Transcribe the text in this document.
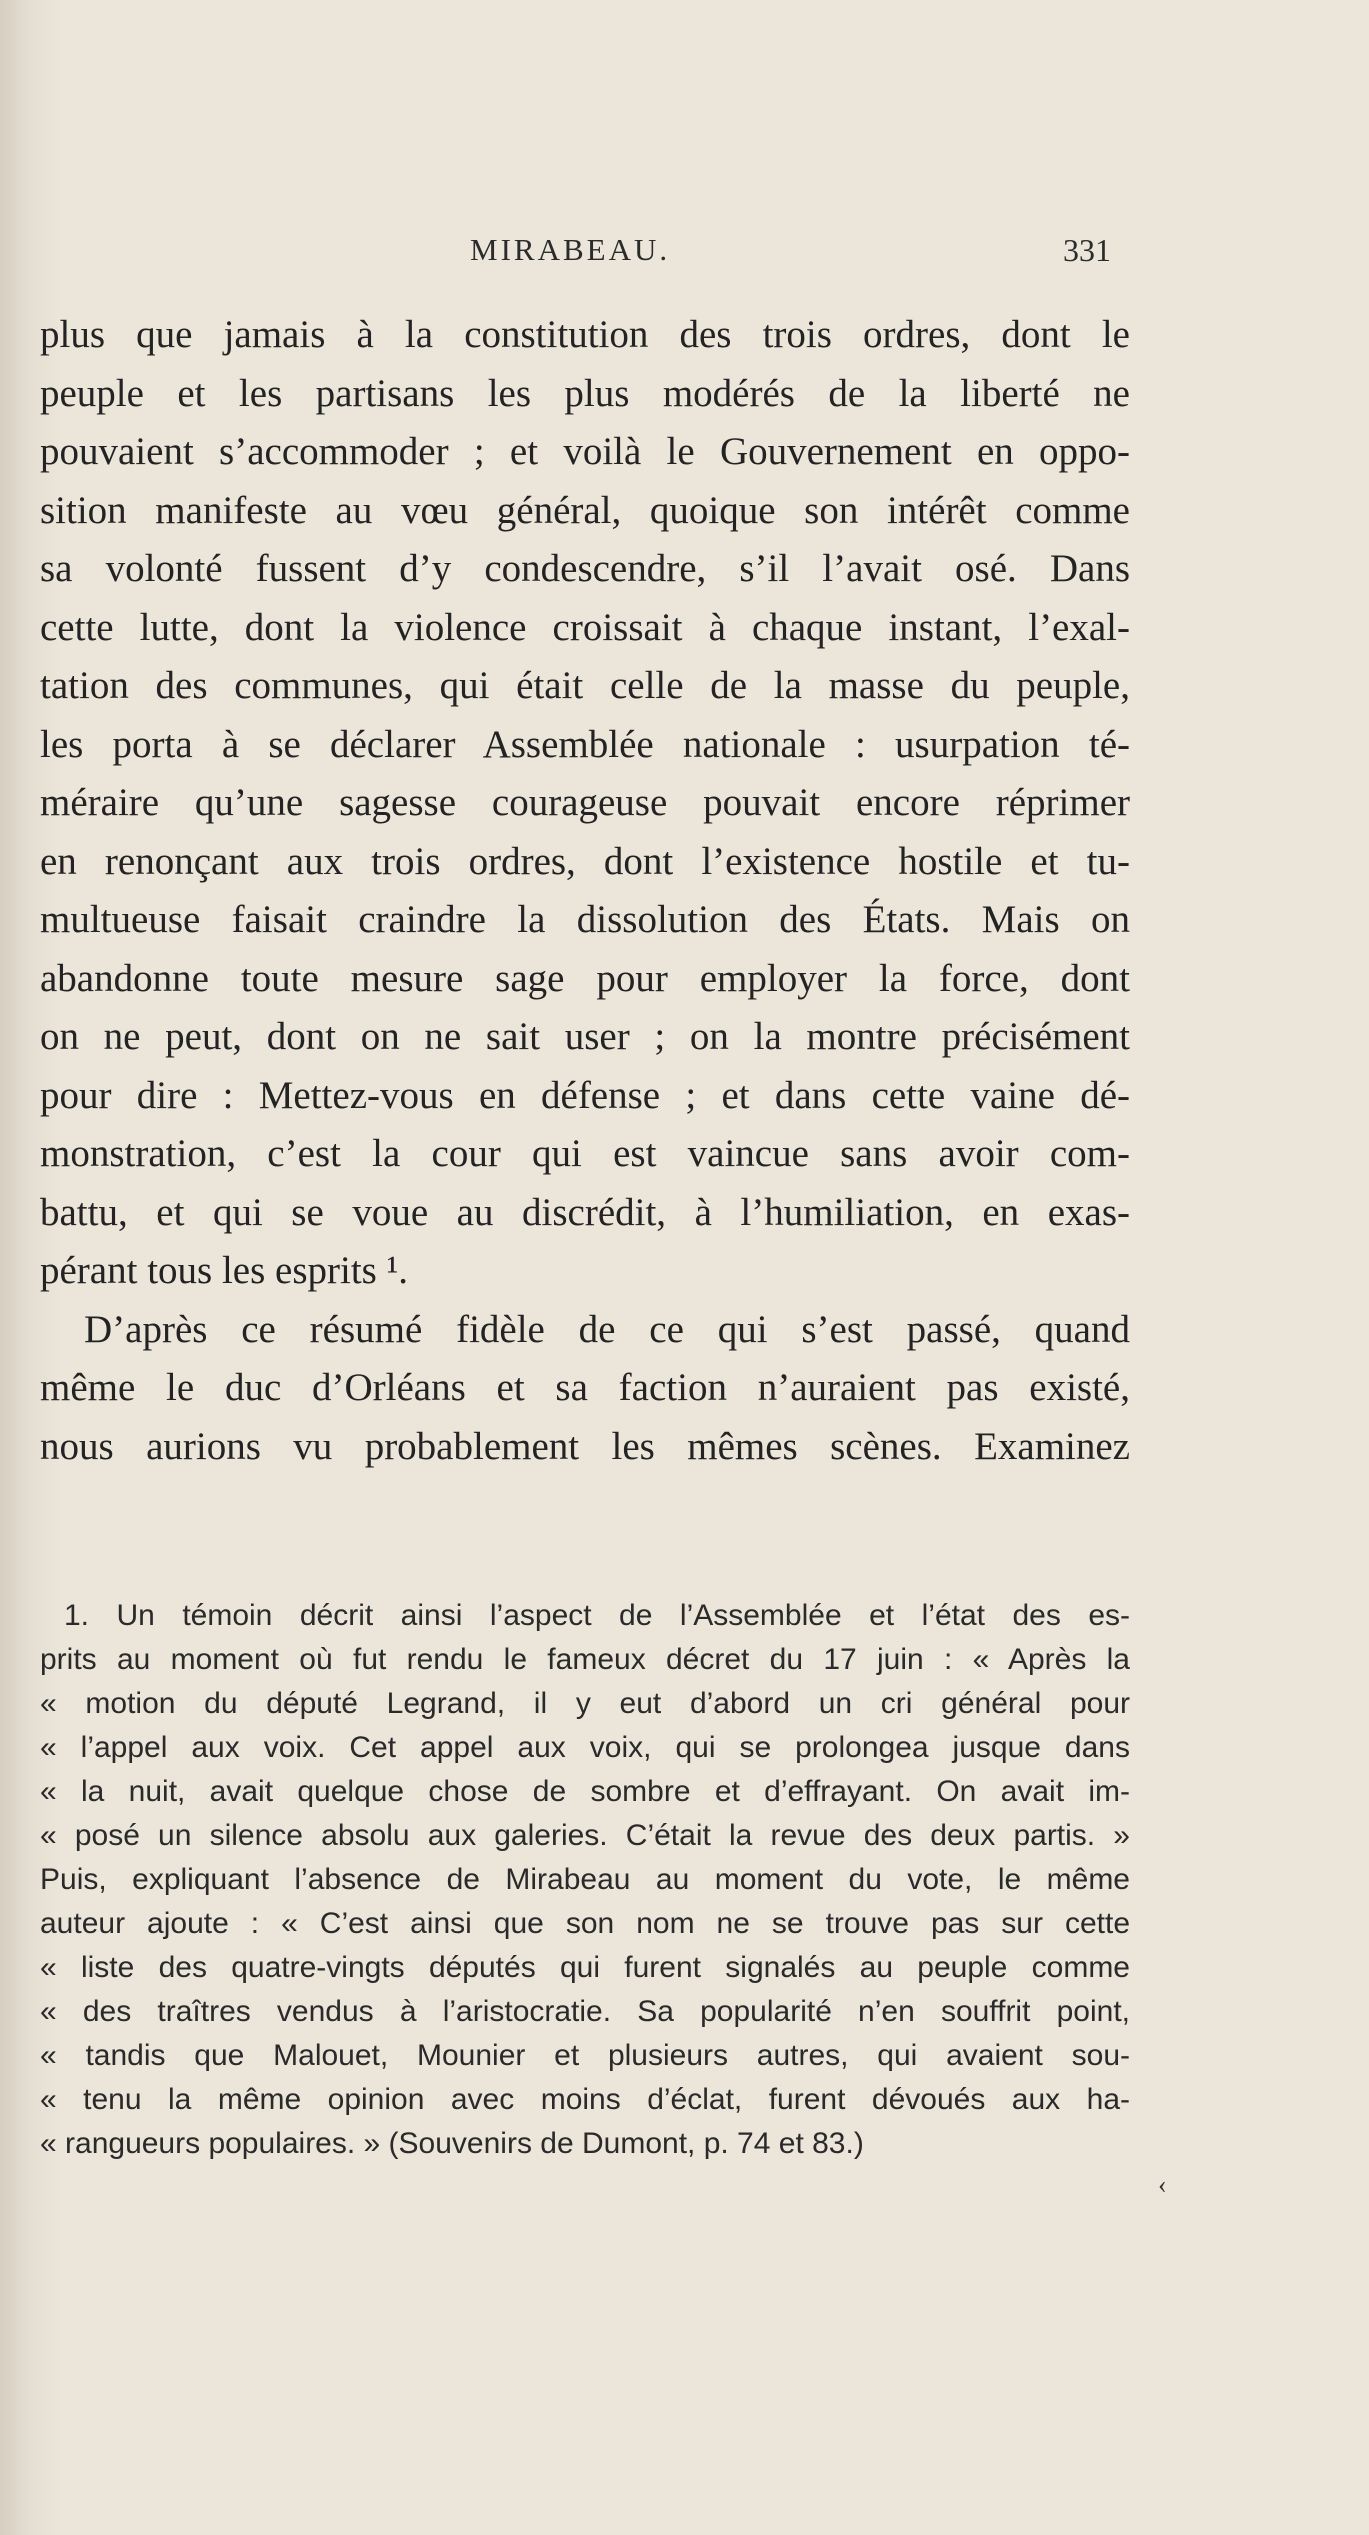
MIRABEAU.	331
plus que jamais à la constitution des trois ordres, dont le
peuple et les partisans les plus modérés de la liberté ne
pouvaient s’accommoder ; et voilà le Gouvernement en oppo-
sition manifeste au vœu général, quoique son intérêt comme
sa volonté fussent d’y condescendre, s’il l’avait osé. Dans
cette lutte, dont la violence croissait à chaque instant, l’exal-
tation des communes, qui était celle de la masse du peuple,
les porta à se déclarer Assemblée nationale : usurpation té-
méraire qu’une sagesse courageuse pouvait encore réprimer
en renonçant aux trois ordres, dont l’existence hostile et tu-
multueuse faisait craindre la dissolution des États. Mais on
abandonne toute mesure sage pour employer la force, dont
on ne peut, dont on ne sait user ; on la montre précisément
pour dire : Mettez-vous en défense ; et dans cette vaine dé-
monstration, c’est la cour qui est vaincue sans avoir com-
battu, et qui se voue au discrédit, à l’humiliation, en exas-
pérant tous les esprits ¹.
D’après ce résumé fidèle de ce qui s’est passé, quand
même le duc d’Orléans et sa faction n’auraient pas existé,
nous aurions vu probablement les mêmes scènes. Examinez
1. Un témoin décrit ainsi l’aspect de l’Assemblée et l’état des es-
prits au moment où fut rendu le fameux décret du 17 juin : « Après la
« motion du député Legrand, il y eut d’abord un cri général pour
« l’appel aux voix. Cet appel aux voix, qui se prolongea jusque dans
« la nuit, avait quelque chose de sombre et d’effrayant. On avait im-
« posé un silence absolu aux galeries. C’était la revue des deux partis. »
Puis, expliquant l’absence de Mirabeau au moment du vote, le même
auteur ajoute : « C’est ainsi que son nom ne se trouve pas sur cette
« liste des quatre-vingts députés qui furent signalés au peuple comme
« des traîtres vendus à l’aristocratie. Sa popularité n’en souffrit point,
« tandis que Malouet, Mounier et plusieurs autres, qui avaient sou-
« tenu la même opinion avec moins d’éclat, furent dévoués aux ha-
« rangueurs populaires. » (Souvenirs de Dumont, p. 74 et 83.)
‹
